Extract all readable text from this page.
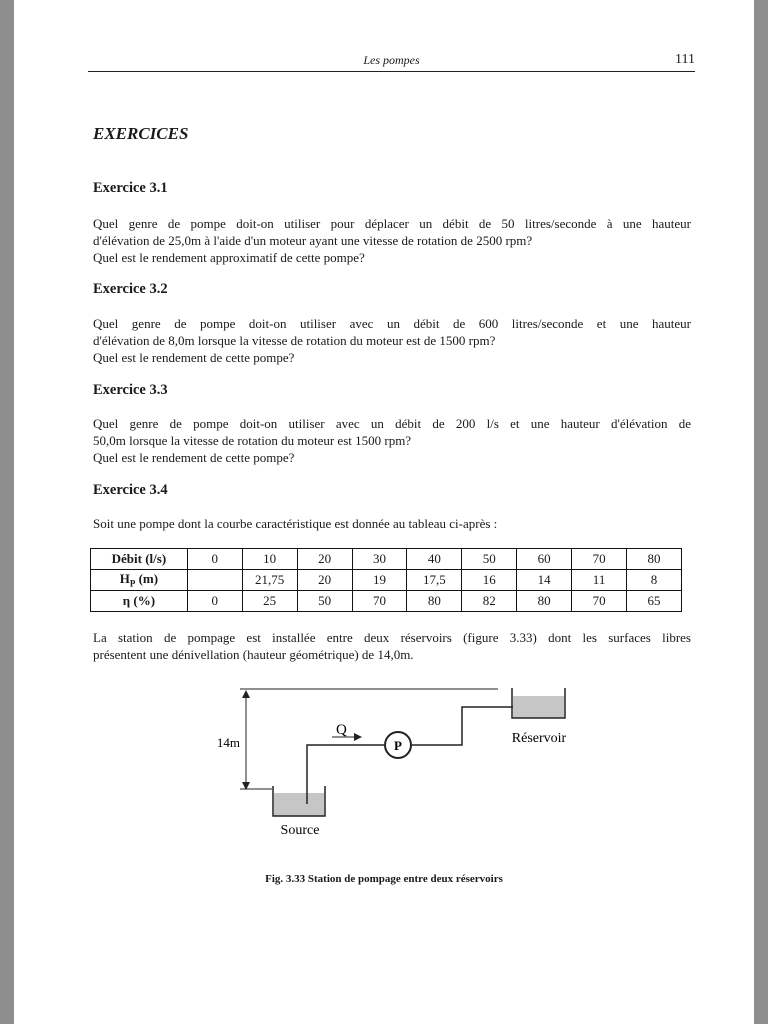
Les pompes	111
EXERCICES
Exercice 3.1

Quel genre de pompe doit-on utiliser pour déplacer un débit de 50 litres/seconde à une hauteur

d'élévation de 25,0m à l'aide d'un moteur ayant une vitesse de rotation de 2500 rpm?

Quel est le rendement approximatif de cette pompe?

Exercice 3.2

Quel genre de pompe doit-on utiliser avec un débit de 600 litres/seconde et une hauteur

d'élévation de 8,0m lorsque la vitesse de rotation du moteur est de 1500 rpm?

Quel est le rendement de cette pompe?

Exercice 3.3

Quel genre de pompe doit-on utiliser avec un débit de 200 l/s et une hauteur d'élévation de

50,0m lorsque la vitesse de rotation du moteur est 1500 rpm?

Quel est le rendement de cette pompe?

Exercice 3.4

Soit une pompe dont la courbe caractéristique est donnée au tableau ci-après :

Débit (l/s)	0	10	20	30	40	50	60	70	80
$H_P$ (m)		21,75	20	19	17,5	16	14	11	8
η (%)	0	25	50	70	80	82	80	70	65

La station de pompage est installée entre deux réservoirs (figure 3.33) dont les surfaces libres

présentent une dénivellation (hauteur géométrique) de 14,0m.

14m
Source
Q
P	Réservoir
Fig. 3.33 Station de pompage entre deux réservoirs
